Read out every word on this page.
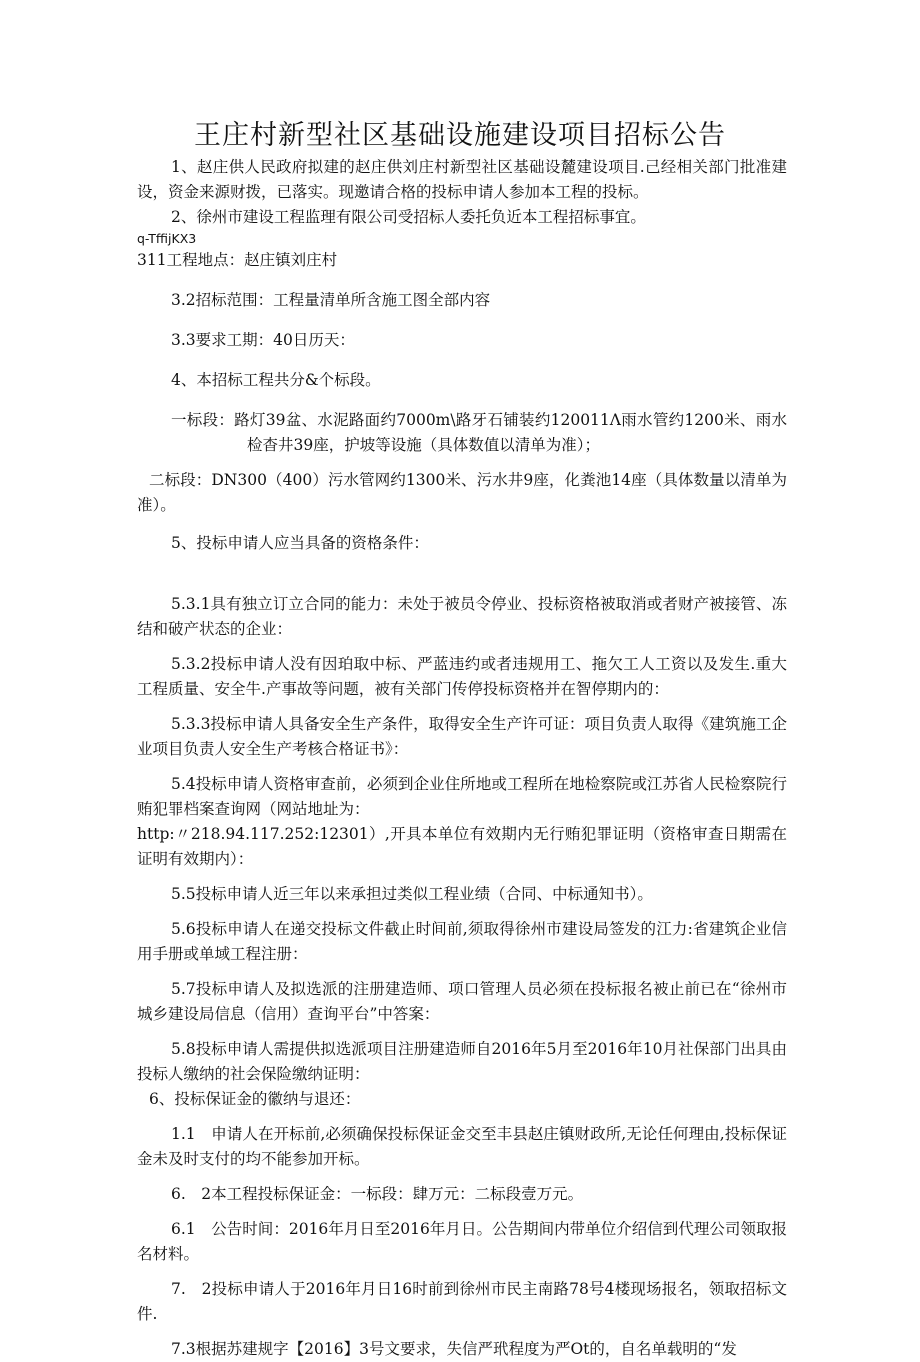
王庄村新型社区基础设施建设项目招标公告

1、赵庄供人民政府拟建的赵庄供刘庄村新型社区基础设麓建设项目.己经相关部门批准建设，资金来源财拨，已落实。现邀请合格的投标申请人参加本工程的投标。

2、徐州市建设工程监理有限公司受招标人委托负近本工程招标事宜。

q-TffijKX3

311工程地点：赵庄镇刘庄村

3.2招标范围：工程量清单所含施工图全部内容

3.3要求工期：40日历天：

4、本招标工程共分&个标段。

一标段：路灯39盆、水泥路面约7000m\路牙石铺装约120011Λ雨水管约1200米、雨水检杳井39座，护坡等设施（具体数值以清单为准）；

二标段：DN300（400）污水管网约1300米、污水井9座，化粪池14座（具体数量以清单为准）。

5、投标申请人应当具备的资格条件：

5.3.1具有独立订立合同的能力：未处于被员令停业、投标资格被取消或者财产被接管、冻结和破产状态的企业：

5.3.2投标申请人没有因珀取中标、严蓝违约或者违规用工、拖欠工人工资以及发生.重大工程质量、安全牛.产事故等问题，被有关部门传停投标资格并在智停期内的：

5.3.3投标申请人具备安全生产条件，取得安全生产许可证：项目负责人取得《建筑施工企业项目负责人安全生产考核合格证书》：

5.4投标申请人资格审查前，必须到企业住所地或工程所在地检察院或江苏省人民检察院行贿犯罪档案查询网（网站地址为：

http:〃218.94.117.252:12301）,开具本单位有效期内无行贿犯罪证明（资格审查日期需在证明有效期内）：

5.5投标申请人近三年以来承担过类似工程业绩（合同、中标通知书）。

5.6投标申请人在递交投标文件截止时间前,须取得徐州市建设局签发的江力:省建筑企业信用手册或单域工程注册：

5.7投标申请人及拟选派的注册建造师、项口管理人员必须在投标报名被止前已在“徐州市城乡建设局信息（信用）查询平台”中答案：

5.8投标申请人需提供拟选派项目注册建造师自2016年5月至2016年10月社保部门出具由投标人缴纳的社会保险缴纳证明：

6、投标保证金的徽纳与退还：

1.1　申请人在开标前,必须确保投标保证金交至丰县赵庄镇财政所,无论任何理由,投标保证金未及时支付的均不能参加开标。

6.　2本工程投标保证金：一标段：肆万元：二标段壹万元。

6.1　公告时间：2016年月日至2016年月日。公告期间内带单位介绍信到代理公司领取报名材料。

7.　2投标申请人于2016年月日16时前到徐州市民主南路78号4楼现场报名，领取招标文件.

7.3根据苏建规字【2016】3号文要求，失信严玳程度为严Ot的，自名单载明的“发
